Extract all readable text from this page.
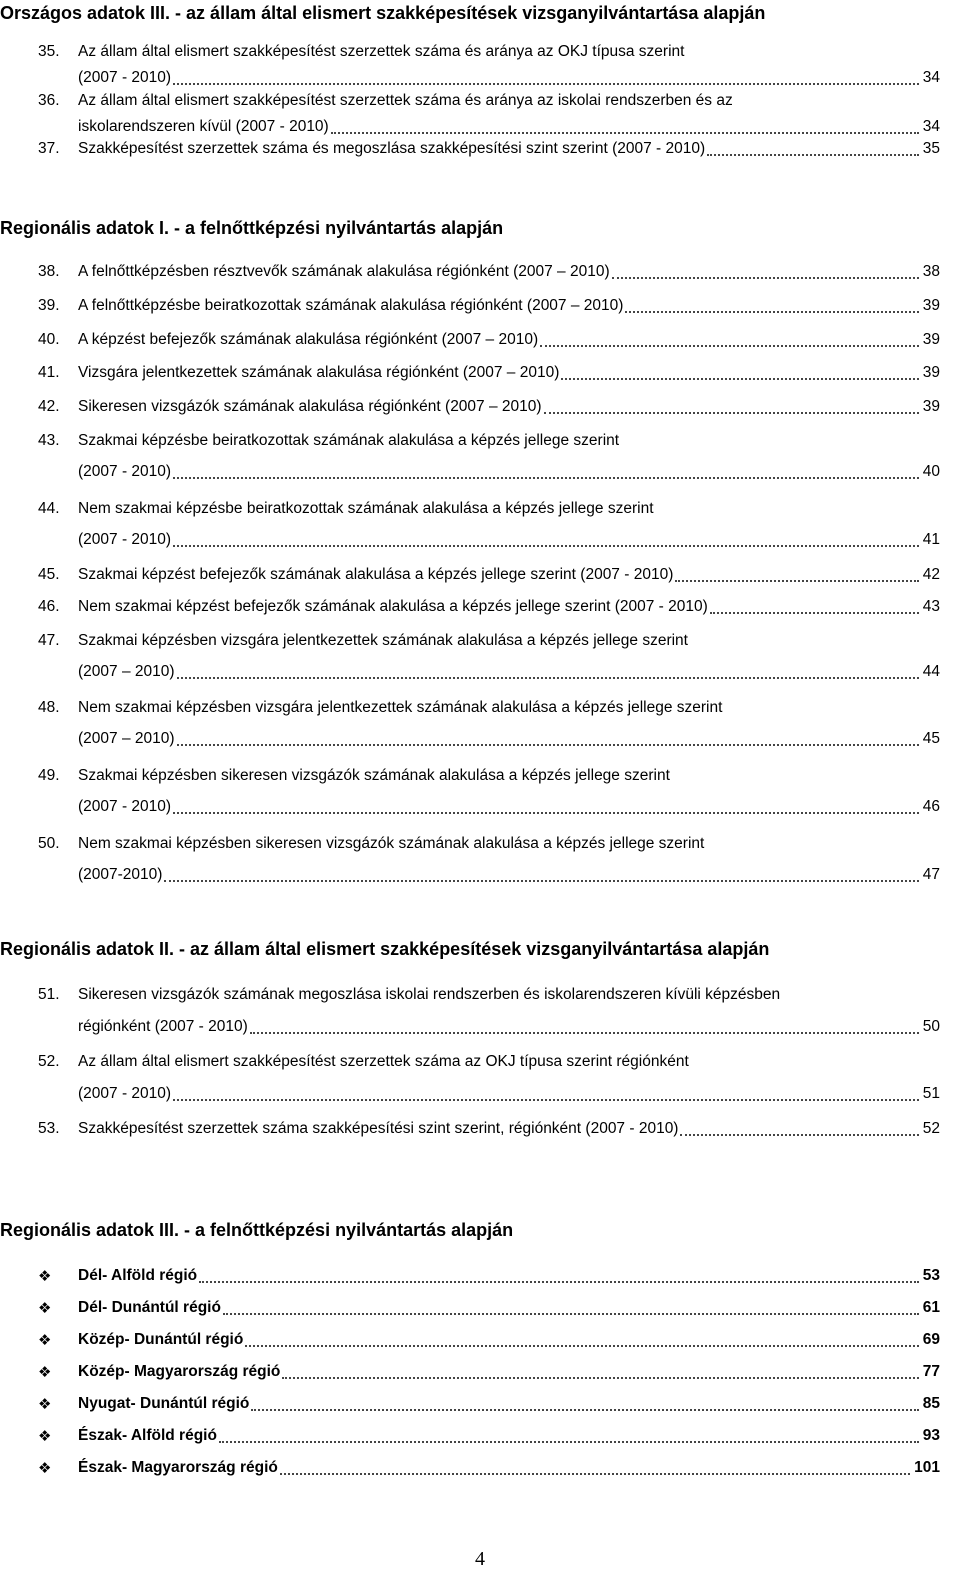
Országos adatok III. - az állam által elismert szakképesítések vizsganyilvántartása alapján
35. Az állam által elismert szakképesítést szerzettek száma és aránya az OKJ típusa szerint
(2007 - 2010)	34
36. Az állam által elismert szakképesítést szerzettek száma és aránya az iskolai rendszerben és az
iskolarendszeren kívül (2007 - 2010)	34
37. Szakképesítést szerzettek száma és megoszlása szakképesítési szint szerint (2007 - 2010)	35
Regionális adatok I. - a felnőttképzési nyilvántartás alapján
38. A felnőttképzésben résztvevők számának alakulása régiónként (2007 – 2010)	38
39. A felnőttképzésbe beiratkozottak számának alakulása régiónként (2007 – 2010)	39
40. A képzést befejezők számának alakulása régiónként (2007 – 2010)	39
41. Vizsgára jelentkezettek számának alakulása régiónként (2007 – 2010)	39
42. Sikeresen vizsgázók számának alakulása régiónként (2007 – 2010)	39
43. Szakmai képzésbe beiratkozottak számának alakulása a képzés jellege szerint
(2007 - 2010)	40
44. Nem szakmai képzésbe beiratkozottak számának alakulása a képzés jellege szerint
(2007 - 2010)	41
45. Szakmai képzést befejezők számának alakulása a képzés jellege szerint (2007 - 2010)	42
46. Nem szakmai képzést befejezők számának alakulása a képzés jellege szerint (2007 - 2010)	43
47. Szakmai képzésben vizsgára jelentkezettek számának alakulása a képzés jellege szerint
(2007 – 2010)	44
48. Nem szakmai képzésben vizsgára jelentkezettek számának alakulása a képzés jellege szerint
(2007 – 2010)	45
49. Szakmai képzésben sikeresen vizsgázók számának alakulása a képzés jellege szerint
(2007 - 2010)	46
50. Nem szakmai képzésben sikeresen vizsgázók számának alakulása a képzés jellege szerint
(2007-2010)	47
Regionális adatok II. - az állam által elismert szakképesítések vizsganyilvántartása alapján
51. Sikeresen vizsgázók számának megoszlása iskolai rendszerben és iskolarendszeren kívüli képzésben
régiónként (2007 - 2010)	50
52. Az állam által elismert szakképesítést szerzettek száma az OKJ típusa szerint régiónként
(2007 - 2010)	51
53. Szakképesítést szerzettek száma szakképesítési szint szerint, régiónként (2007 - 2010)	52
Regionális adatok III. - a felnőttképzési nyilvántartás alapján
❖ Dél- Alföld régió	53
❖ Dél- Dunántúl régió	61
❖ Közép- Dunántúl régió	69
❖ Közép- Magyarország régió	77
❖ Nyugat- Dunántúl régió	85
❖ Észak- Alföld régió	93
❖ Észak- Magyarország régió	101
4
